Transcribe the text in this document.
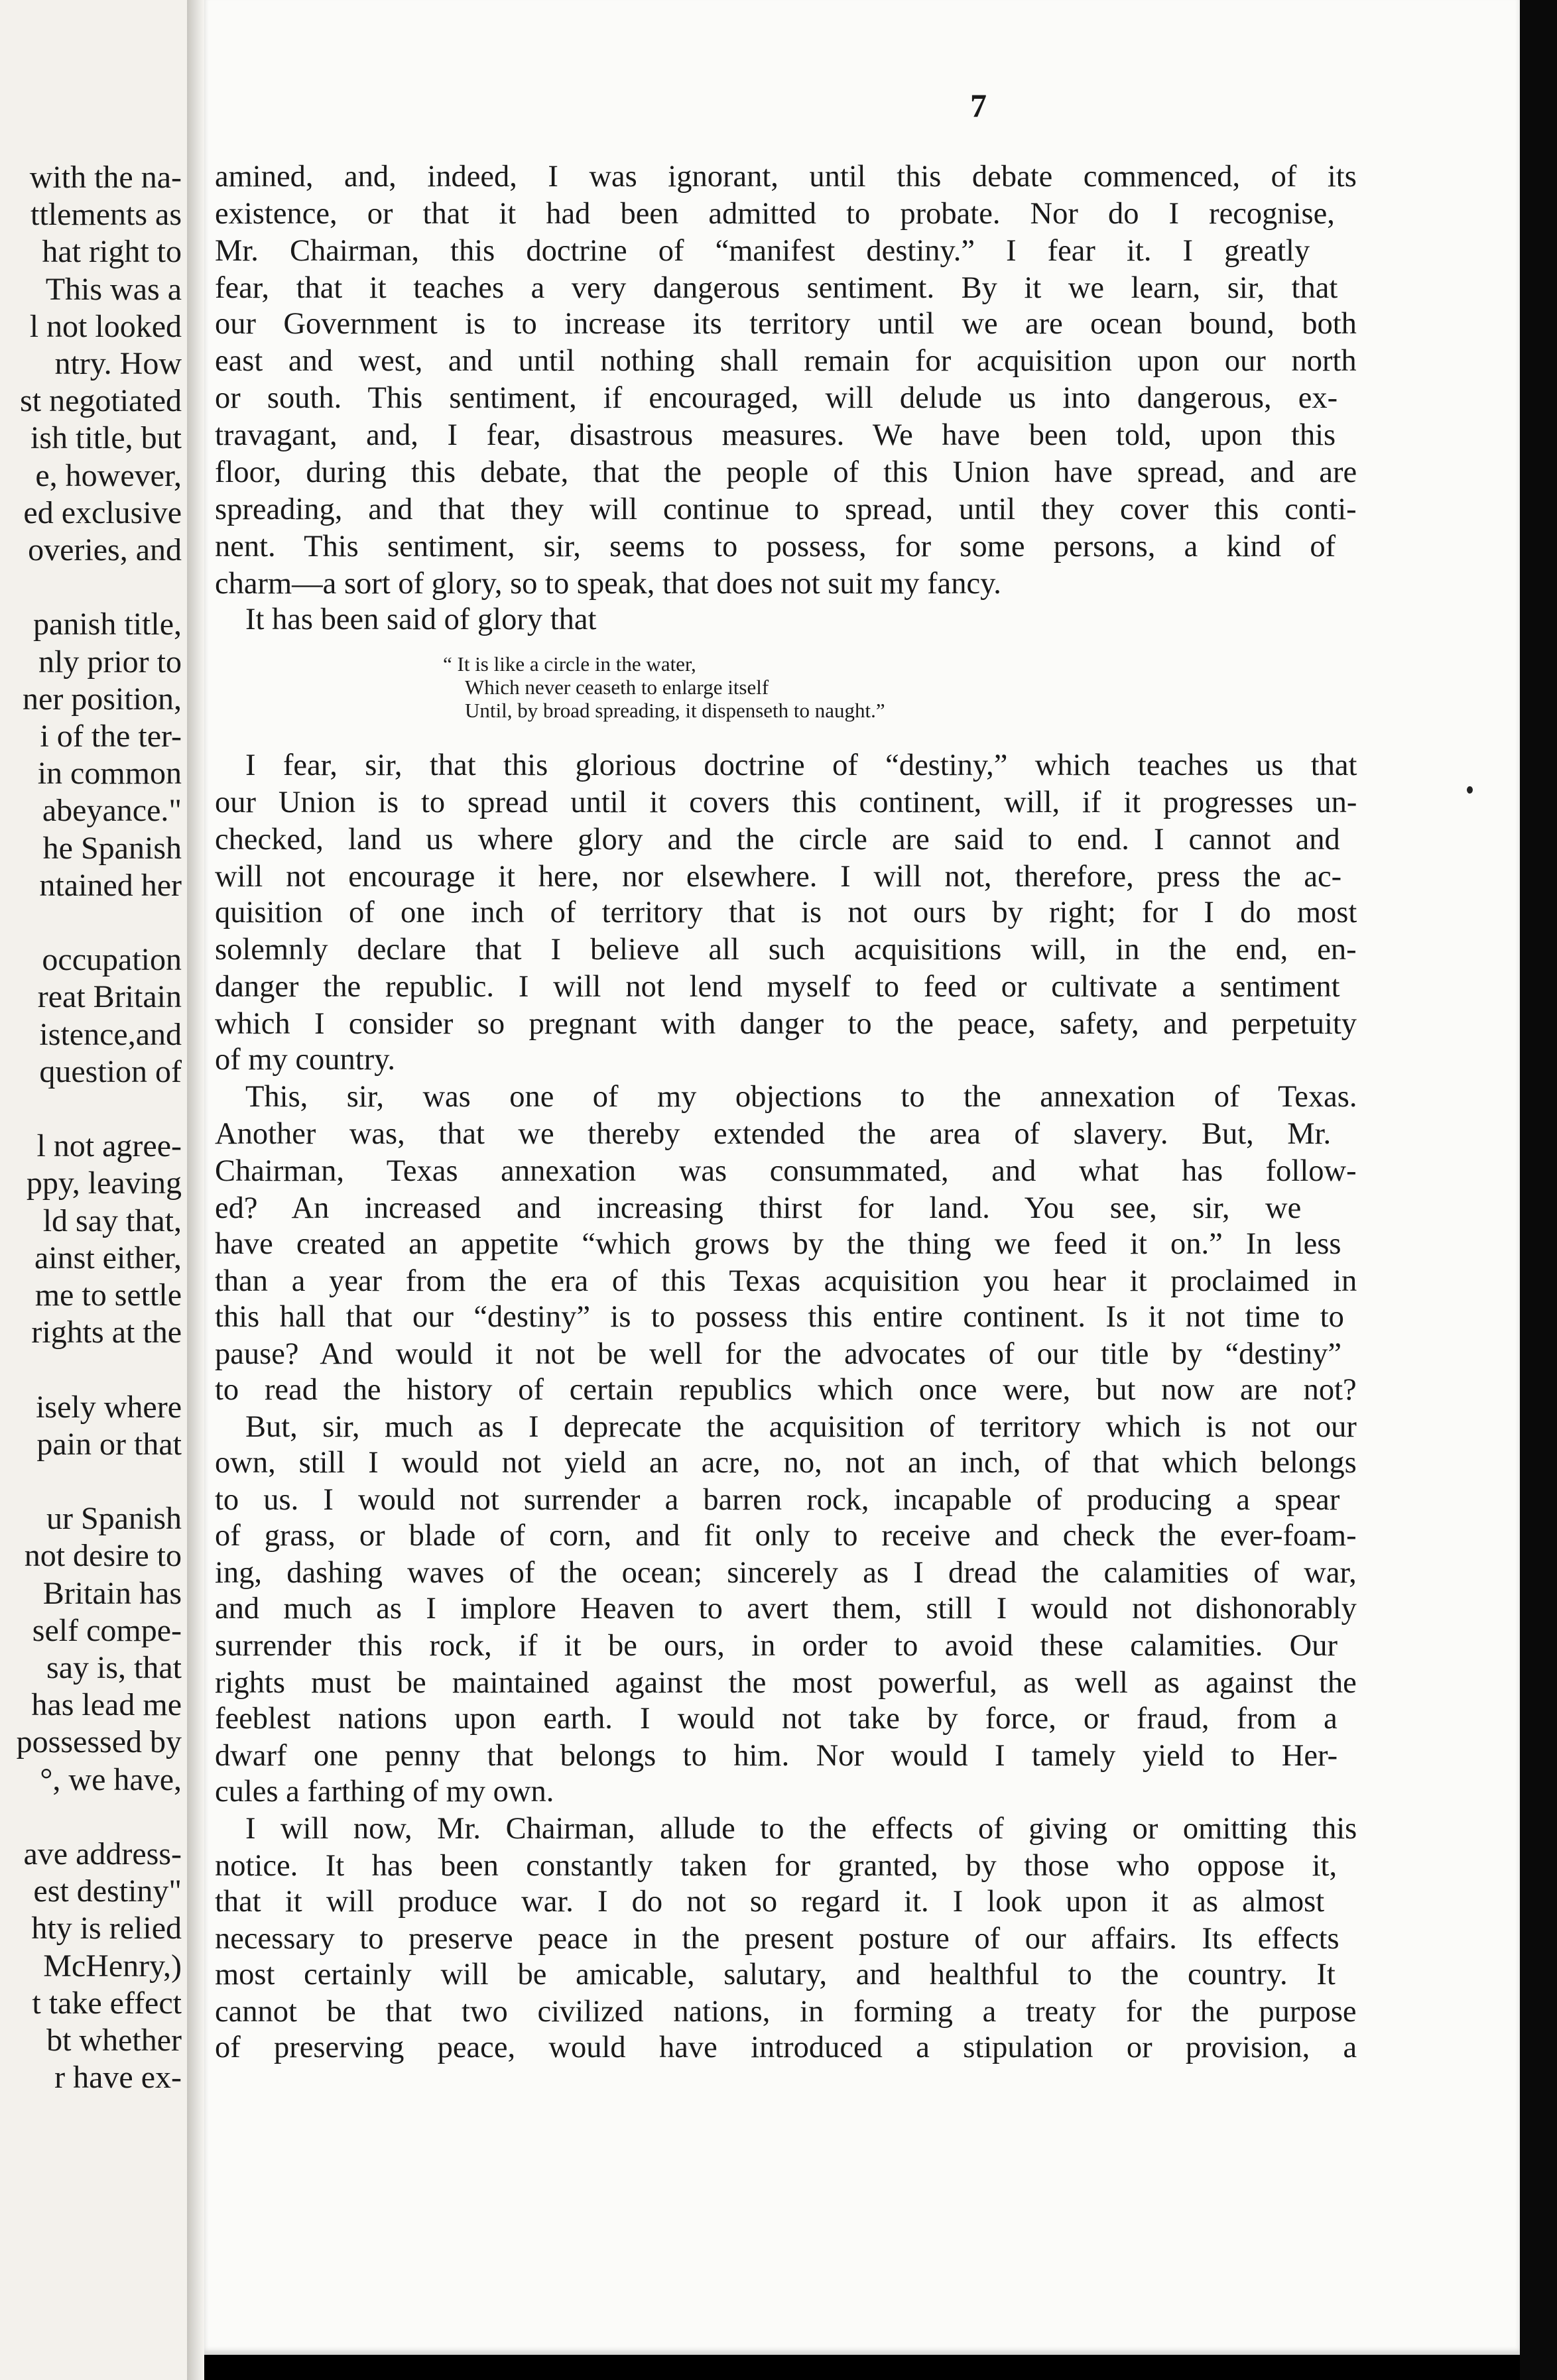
with the na-
ttlements as
hat right to
This was a
l not looked
ntry. How
st negotiated
ish title, but
e, however,
ed exclusive
overies, and
panish title,
nly prior to
ner position,
i of the ter-
in common
abeyance."
he Spanish
ntained her
occupation
reat Britain
istence,and
question of
l not agree-
ppy, leaving
ld say that,
ainst either,
me to settle
rights at the
isely where
pain or that
ur Spanish
not desire to
Britain has
self compe-
say is, that
has lead me
possessed by
°, we have,
ave address-
est destiny"
hty is relied
McHenry,)
t take effect
bt whether
r have ex-
7
amined, and, indeed, I was ignorant, until this debate commenced, of its
existence, or that it had been admitted to probate. Nor do I recognise,
Mr. Chairman, this doctrine of “manifest destiny.” I fear it. I greatly
fear, that it teaches a very dangerous sentiment. By it we learn, sir, that
our Government is to increase its territory until we are ocean bound, both
east and west, and until nothing shall remain for acquisition upon our north
or south. This sentiment, if encouraged, will delude us into dangerous, ex-
travagant, and, I fear, disastrous measures. We have been told, upon this
floor, during this debate, that the people of this Union have spread, and are
spreading, and that they will continue to spread, until they cover this conti-
nent. This sentiment, sir, seems to possess, for some persons, a kind of
charm—a sort of glory, so to speak, that does not suit my fancy.
It has been said of glory that
“ It is like a circle in the water,
Which never ceaseth to enlarge itself
Until, by broad spreading, it dispenseth to naught.”
I fear, sir, that this glorious doctrine of “destiny,” which teaches us that
our Union is to spread until it covers this continent, will, if it progresses un-
checked, land us where glory and the circle are said to end. I cannot and
will not encourage it here, nor elsewhere. I will not, therefore, press the ac-
quisition of one inch of territory that is not ours by right; for I do most
solemnly declare that I believe all such acquisitions will, in the end, en-
danger the republic. I will not lend myself to feed or cultivate a sentiment
which I consider so pregnant with danger to the peace, safety, and perpetuity
of my country.
This, sir, was one of my objections to the annexation of Texas.
Another was, that we thereby extended the area of slavery. But, Mr.
Chairman, Texas annexation was consummated, and what has follow-
ed? An increased and increasing thirst for land. You see, sir, we
have created an appetite “which grows by the thing we feed it on.” In less
than a year from the era of this Texas acquisition you hear it proclaimed in
this hall that our “destiny” is to possess this entire continent. Is it not time to
pause? And would it not be well for the advocates of our title by “destiny”
to read the history of certain republics which once were, but now are not?
But, sir, much as I deprecate the acquisition of territory which is not our
own, still I would not yield an acre, no, not an inch, of that which belongs
to us. I would not surrender a barren rock, incapable of producing a spear
of grass, or blade of corn, and fit only to receive and check the ever-foam-
ing, dashing waves of the ocean; sincerely as I dread the calamities of war,
and much as I implore Heaven to avert them, still I would not dishonorably
surrender this rock, if it be ours, in order to avoid these calamities. Our
rights must be maintained against the most powerful, as well as against the
feeblest nations upon earth. I would not take by force, or fraud, from a
dwarf one penny that belongs to him. Nor would I tamely yield to Her-
cules a farthing of my own.
I will now, Mr. Chairman, allude to the effects of giving or omitting this
notice. It has been constantly taken for granted, by those who oppose it,
that it will produce war. I do not so regard it. I look upon it as almost
necessary to preserve peace in the present posture of our affairs. Its effects
most certainly will be amicable, salutary, and healthful to the country. It
cannot be that two civilized nations, in forming a treaty for the purpose
of preserving peace, would have introduced a stipulation or provision, a
